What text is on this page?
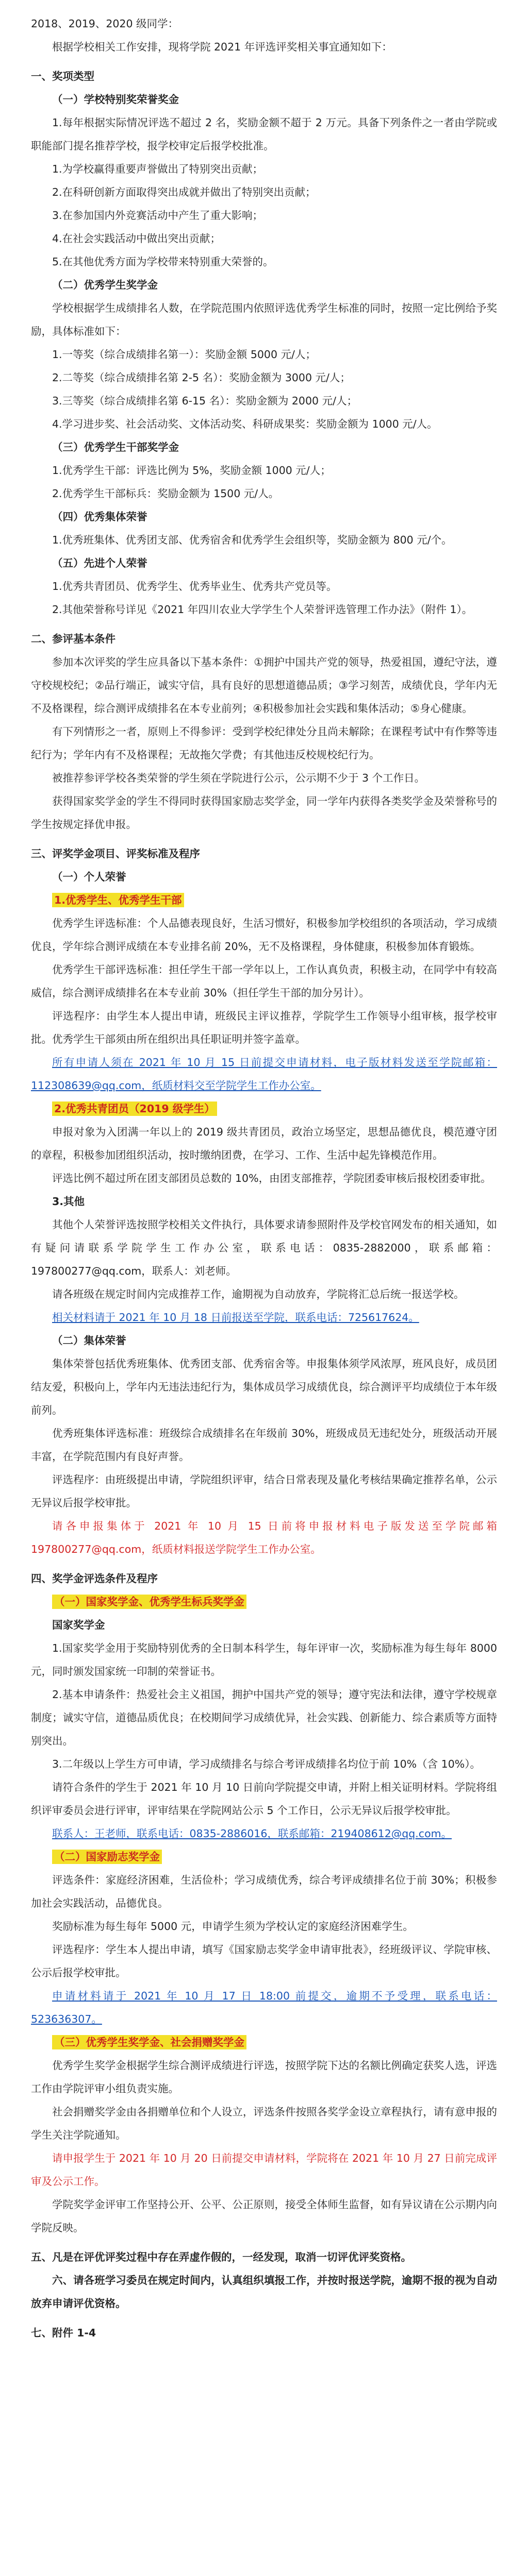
2018、2019、2020 级同学：

根据学校相关工作安排，现将学院 2021 年评选评奖相关事宜通知如下：

一、奖项类型

（一）学校特别奖荣誉奖金

1.每年根据实际情况评选不超过 2 名，奖励金额不超于 2 万元。具备下列条件之一者由学院或职能部门提名推荐学校，报学校审定后报学校批准。

1.为学校赢得重要声誉做出了特别突出贡献；

2.在科研创新方面取得突出成就并做出了特别突出贡献；

3.在参加国内外竞赛活动中产生了重大影响；

4.在社会实践活动中做出突出贡献；

5.在其他优秀方面为学校带来特别重大荣誉的。

（二）优秀学生奖学金

学校根据学生成绩排名人数，在学院范围内依照评选优秀学生标准的同时，按照一定比例给予奖励，具体标准如下：

1.一等奖（综合成绩排名第一）：奖励金额 5000 元/人；

2.二等奖（综合成绩排名第 2-5 名）：奖励金额为 3000 元/人；

3.三等奖（综合成绩排名第 6-15 名）：奖励金额为 2000 元/人；

4.学习进步奖、社会活动奖、文体活动奖、科研成果奖：奖励金额为 1000 元/人。

（三）优秀学生干部奖学金

1.优秀学生干部：评选比例为 5%，奖励金额 1000 元/人；

2.优秀学生干部标兵：奖励金额为 1500 元/人。

（四）优秀集体荣誉

1.优秀班集体、优秀团支部、优秀宿舍和优秀学生会组织等，奖励金额为 800 元/个。

（五）先进个人荣誉

1.优秀共青团员、优秀学生、优秀毕业生、优秀共产党员等。

2.其他荣誉称号详见《2021 年四川农业大学学生个人荣誉评选管理工作办法》（附件 1）。

二、参评基本条件

参加本次评奖的学生应具备以下基本条件：①拥护中国共产党的领导，热爱祖国，遵纪守法，遵守校规校纪；②品行端正，诚实守信，具有良好的思想道德品质；③学习刻苦，成绩优良，学年内无不及格课程，综合测评成绩排名在本专业前列；④积极参加社会实践和集体活动；⑤身心健康。

有下列情形之一者，原则上不得参评：受到学校纪律处分且尚未解除；在课程考试中有作弊等违纪行为；学年内有不及格课程；无故拖欠学费；有其他违反校规校纪行为。

被推荐参评学校各类荣誉的学生须在学院进行公示，公示期不少于 3 个工作日。

获得国家奖学金的学生不得同时获得国家励志奖学金，同一学年内获得各类奖学金及荣誉称号的学生按规定择优申报。

三、评奖学金项目、评奖标准及程序

（一）个人荣誉

1.优秀学生、优秀学生干部

优秀学生评选标准：个人品德表现良好，生活习惯好，积极参加学校组织的各项活动，学习成绩优良，学年综合测评成绩在本专业排名前 20%，无不及格课程，身体健康，积极参加体育锻炼。

优秀学生干部评选标准：担任学生干部一学年以上，工作认真负责，积极主动，在同学中有较高威信，综合测评成绩排名在本专业前 30%（担任学生干部的加分另计）。

评选程序：由学生本人提出申请，班级民主评议推荐，学院学生工作领导小组审核，报学校审批。优秀学生干部须由所在组织出具任职证明并签字盖章。

所有申请人须在 2021 年 10 月 15 日前提交申请材料，电子版材料发送至学院邮箱：112308639@qq.com，纸质材料交至学院学生工作办公室。

2.优秀共青团员（2019 级学生）

申报对象为入团满一年以上的 2019 级共青团员，政治立场坚定，思想品德优良，模范遵守团的章程，积极参加团组织活动，按时缴纳团费，在学习、工作、生活中起先锋模范作用。

评选比例不超过所在团支部团员总数的 10%，由团支部推荐，学院团委审核后报校团委审批。

3.其他

其他个人荣誉评选按照学校相关文件执行，具体要求请参照附件及学校官网发布的相关通知，如有疑问请联系学院学生工作办公室，联系电话：0835-2882000，联系邮箱：197800277@qq.com，联系人：刘老师。

请各班级在规定时间内完成推荐工作，逾期视为自动放弃，学院将汇总后统一报送学校。

相关材料请于 2021 年 10 月 18 日前报送至学院，联系电话：725617624。

（二）集体荣誉

集体荣誉包括优秀班集体、优秀团支部、优秀宿舍等。申报集体须学风浓厚，班风良好，成员团结友爱，积极向上，学年内无违法违纪行为，集体成员学习成绩优良，综合测评平均成绩位于本年级前列。

优秀班集体评选标准：班级综合成绩排名在年级前 30%，班级成员无违纪处分，班级活动开展丰富，在学院范围内有良好声誉。

评选程序：由班级提出申请，学院组织评审，结合日常表现及量化考核结果确定推荐名单，公示无异议后报学校审批。

请各申报集体于 2021 年 10 月 15 日前将申报材料电子版发送至学院邮箱 197800277@qq.com，纸质材料报送学院学生工作办公室。

四、奖学金评选条件及程序

（一）国家奖学金、优秀学生标兵奖学金

国家奖学金

1.国家奖学金用于奖励特别优秀的全日制本科学生，每年评审一次，奖励标准为每生每年 8000 元，同时颁发国家统一印制的荣誉证书。

2.基本申请条件：热爱社会主义祖国，拥护中国共产党的领导；遵守宪法和法律，遵守学校规章制度；诚实守信，道德品质优良；在校期间学习成绩优异，社会实践、创新能力、综合素质等方面特别突出。

3.二年级以上学生方可申请，学习成绩排名与综合考评成绩排名均位于前 10%（含 10%）。

请符合条件的学生于 2021 年 10 月 10 日前向学院提交申请，并附上相关证明材料。学院将组织评审委员会进行评审，评审结果在学院网站公示 5 个工作日，公示无异议后报学校审批。

联系人：王老师，联系电话：0835-2886016，联系邮箱：219408612@qq.com。

（二）国家励志奖学金

评选条件：家庭经济困难，生活俭朴；学习成绩优秀，综合考评成绩排名位于前 30%；积极参加社会实践活动，品德优良。

奖励标准为每生每年 5000 元，申请学生须为学校认定的家庭经济困难学生。

评选程序：学生本人提出申请，填写《国家励志奖学金申请审批表》，经班级评议、学院审核、公示后报学校审批。

申请材料请于 2021 年 10 月 17 日 18:00 前提交，逾期不予受理，联系电话：523636307。

（三）优秀学生奖学金、社会捐赠奖学金

优秀学生奖学金根据学生综合测评成绩进行评选，按照学院下达的名额比例确定获奖人选，评选工作由学院评审小组负责实施。

社会捐赠奖学金由各捐赠单位和个人设立，评选条件按照各奖学金设立章程执行，请有意申报的学生关注学院通知。

请申报学生于 2021 年 10 月 20 日前提交申请材料，学院将在 2021 年 10 月 27 日前完成评审及公示工作。

学院奖学金评审工作坚持公开、公平、公正原则，接受全体师生监督，如有异议请在公示期内向学院反映。

五、凡是在评优评奖过程中存在弄虚作假的，一经发现，取消一切评优评奖资格。

六、请各班学习委员在规定时间内，认真组织填报工作，并按时报送学院，逾期不报的视为自动放弃申请评优资格。

七、附件 1-4
